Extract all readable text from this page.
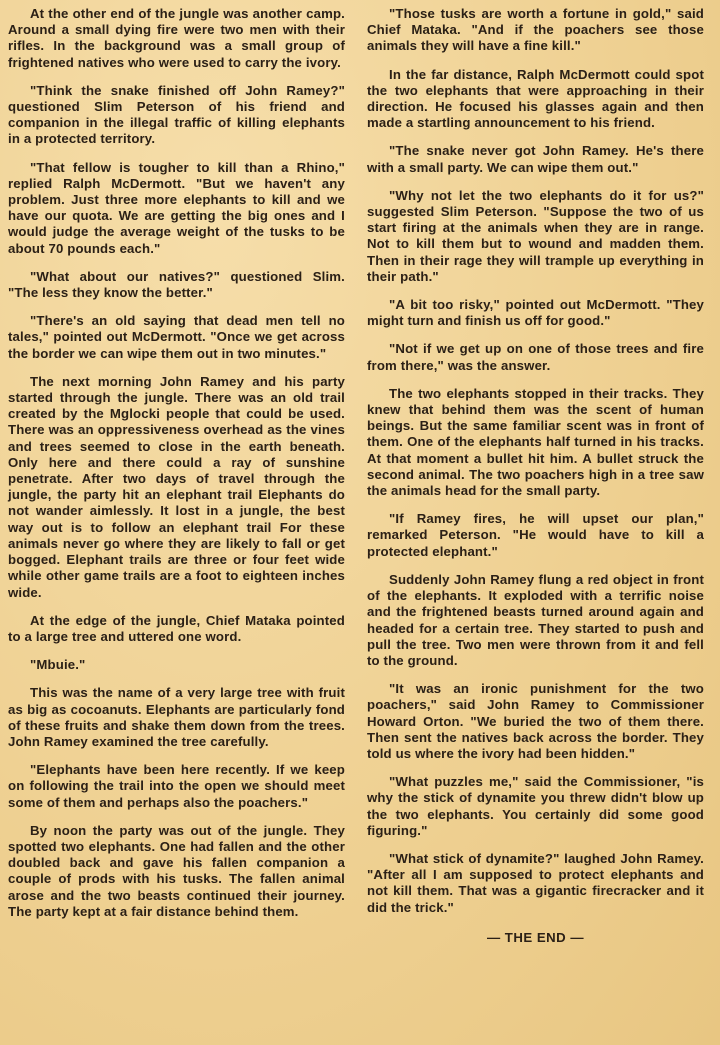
At the other end of the jungle was another camp. Around a small dying fire were two men with their rifles. In the background was a small group of frightened natives who were used to carry the ivory.

"Think the snake finished off John Ramey?" questioned Slim Peterson of his friend and companion in the illegal traffic of killing elephants in a protected territory.

"That fellow is tougher to kill than a Rhino," replied Ralph McDermott. "But we haven't any problem. Just three more elephants to kill and we have our quota. We are getting the big ones and I would judge the average weight of the tusks to be about 70 pounds each."

"What about our natives?" questioned Slim. "The less they know the better."

"There's an old saying that dead men tell no tales," pointed out McDermott. "Once we get across the border we can wipe them out in two minutes."

The next morning John Ramey and his party started through the jungle. There was an old trail created by the Mglocki people that could be used. There was an oppressiveness overhead as the vines and trees seemed to close in the earth beneath. Only here and there could a ray of sunshine penetrate. After two days of travel through the jungle, the party hit an elephant trail Elephants do not wander aimlessly. It lost in a jungle, the best way out is to follow an elephant trail For these animals never go where they are likely to fall or get bogged. Elephant trails are three or four feet wide while other game trails are a foot to eighteen inches wide.

At the edge of the jungle, Chief Mataka pointed to a large tree and uttered one word.

"Mbuie."

This was the name of a very large tree with fruit as big as cocoanuts. Elephants are particularly fond of these fruits and shake them down from the trees. John Ramey examined the tree carefully.

"Elephants have been here recently. If we keep on following the trail into the open we should meet some of them and perhaps also the poachers."

By noon the party was out of the jungle. They spotted two elephants. One had fallen and the other doubled back and gave his fallen companion a couple of prods with his tusks. The fallen animal arose and the two beasts continued their journey. The party kept at a fair distance behind them.

"Those tusks are worth a fortune in gold," said Chief Mataka. "And if the poachers see those animals they will have a fine kill."

In the far distance, Ralph McDermott could spot the two elephants that were approaching in their direction. He focused his glasses again and then made a startling announcement to his friend.

"The snake never got John Ramey. He's there with a small party. We can wipe them out."

"Why not let the two elephants do it for us?" suggested Slim Peterson. "Suppose the two of us start firing at the animals when they are in range. Not to kill them but to wound and madden them. Then in their rage they will trample up everything in their path."

"A bit too risky," pointed out McDermott. "They might turn and finish us off for good."

"Not if we get up on one of those trees and fire from there," was the answer.

The two elephants stopped in their tracks. They knew that behind them was the scent of human beings. But the same familiar scent was in front of them. One of the elephants half turned in his tracks. At that moment a bullet hit him. A bullet struck the second animal. The two poachers high in a tree saw the animals head for the small party.

"If Ramey fires, he will upset our plan," remarked Peterson. "He would have to kill a protected elephant."

Suddenly John Ramey flung a red object in front of the elephants. It exploded with a terrific noise and the frightened beasts turned around again and headed for a certain tree. They started to push and pull the tree. Two men were thrown from it and fell to the ground.

"It was an ironic punishment for the two poachers," said John Ramey to Commissioner Howard Orton. "We buried the two of them there. Then sent the natives back across the border. They told us where the ivory had been hidden."

"What puzzles me," said the Commissioner, "is why the stick of dynamite you threw didn't blow up the two elephants. You certainly did some good figuring."

"What stick of dynamite?" laughed John Ramey. "After all I am supposed to protect elephants and not kill them. That was a gigantic firecracker and it did the trick."

— THE END —
